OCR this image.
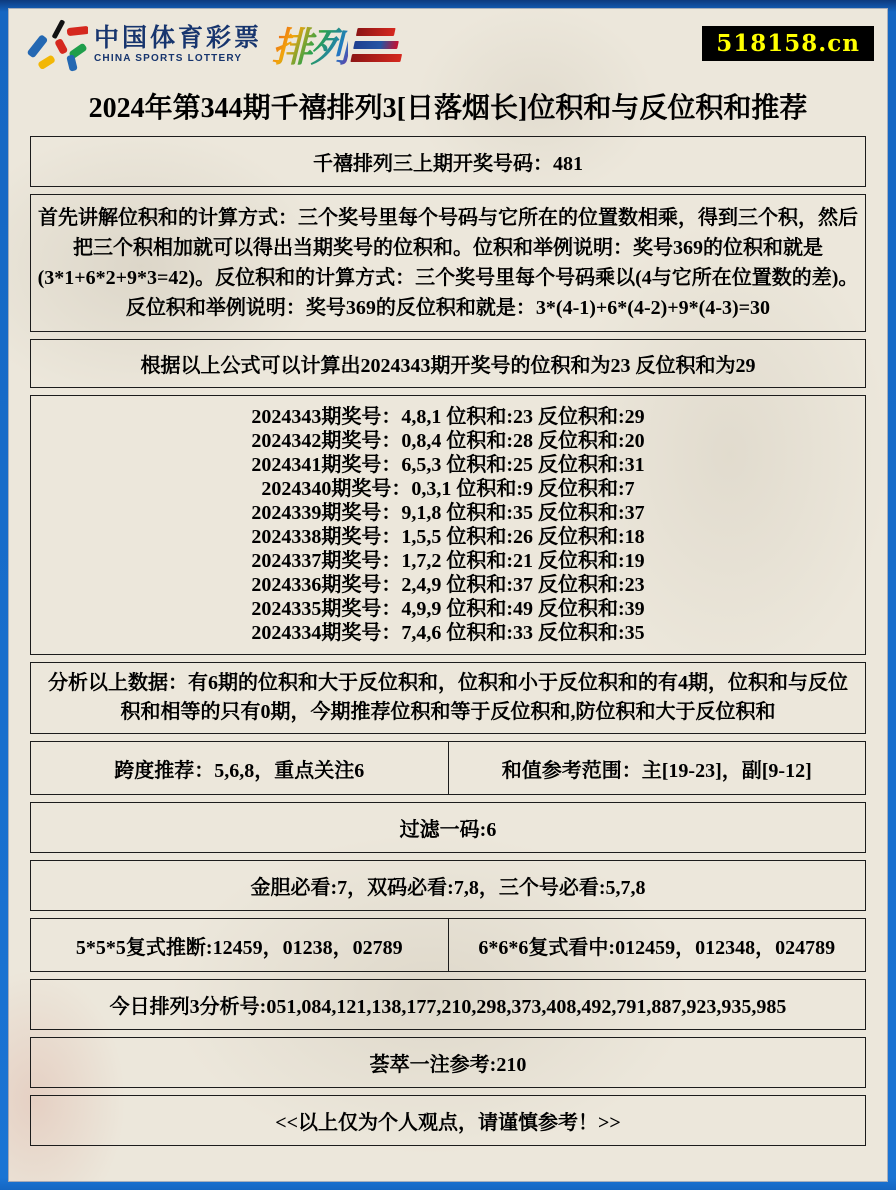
中国体育彩票
CHINA SPORTS LOTTERY 排列	518158.cn
2024年第344期千禧排列3[日落烟长]位积和与反位积和推荐
千禧排列三上期开奖号码：481
首先讲解位积和的计算方式：三个奖号里每个号码与它所在的位置数相乘，得到三个积，然后把三个积相加就可以得出当期奖号的位积和。位积和举例说明：奖号369的位积和就是(3*1+6*2+9*3=42)。反位积和的计算方式：三个奖号里每个号码乘以(4与它所在位置数的差)。反位积和举例说明：奖号369的反位积和就是：3*(4-1)+6*(4-2)+9*(4-3)=30
根据以上公式可以计算出2024343期开奖号的位积和为23 反位积和为29
2024343期奖号：4,8,1 位积和:23 反位积和:29
2024342期奖号：0,8,4 位积和:28 反位积和:20
2024341期奖号：6,5,3 位积和:25 反位积和:31
2024340期奖号：0,3,1 位积和:9 反位积和:7
2024339期奖号：9,1,8 位积和:35 反位积和:37
2024338期奖号：1,5,5 位积和:26 反位积和:18
2024337期奖号：1,7,2 位积和:21 反位积和:19
2024336期奖号：2,4,9 位积和:37 反位积和:23
2024335期奖号：4,9,9 位积和:49 反位积和:39
2024334期奖号：7,4,6 位积和:33 反位积和:35
分析以上数据：有6期的位积和大于反位积和，位积和小于反位积和的有4期，位积和与反位积和相等的只有0期，今期推荐位积和等于反位积和,防位积和大于反位积和
跨度推荐：5,6,8，重点关注6	和值参考范围：主[19-23]，副[9-12]
过滤一码:6
金胆必看:7，双码必看:7,8，三个号必看:5,7,8
5*5*5复式推断:12459，01238，02789	6*6*6复式看中:012459，012348，024789
今日排列3分析号:051,084,121,138,177,210,298,373,408,492,791,887,923,935,985
荟萃一注参考:210
<<以上仅为个人观点，请谨慎参考！>>
